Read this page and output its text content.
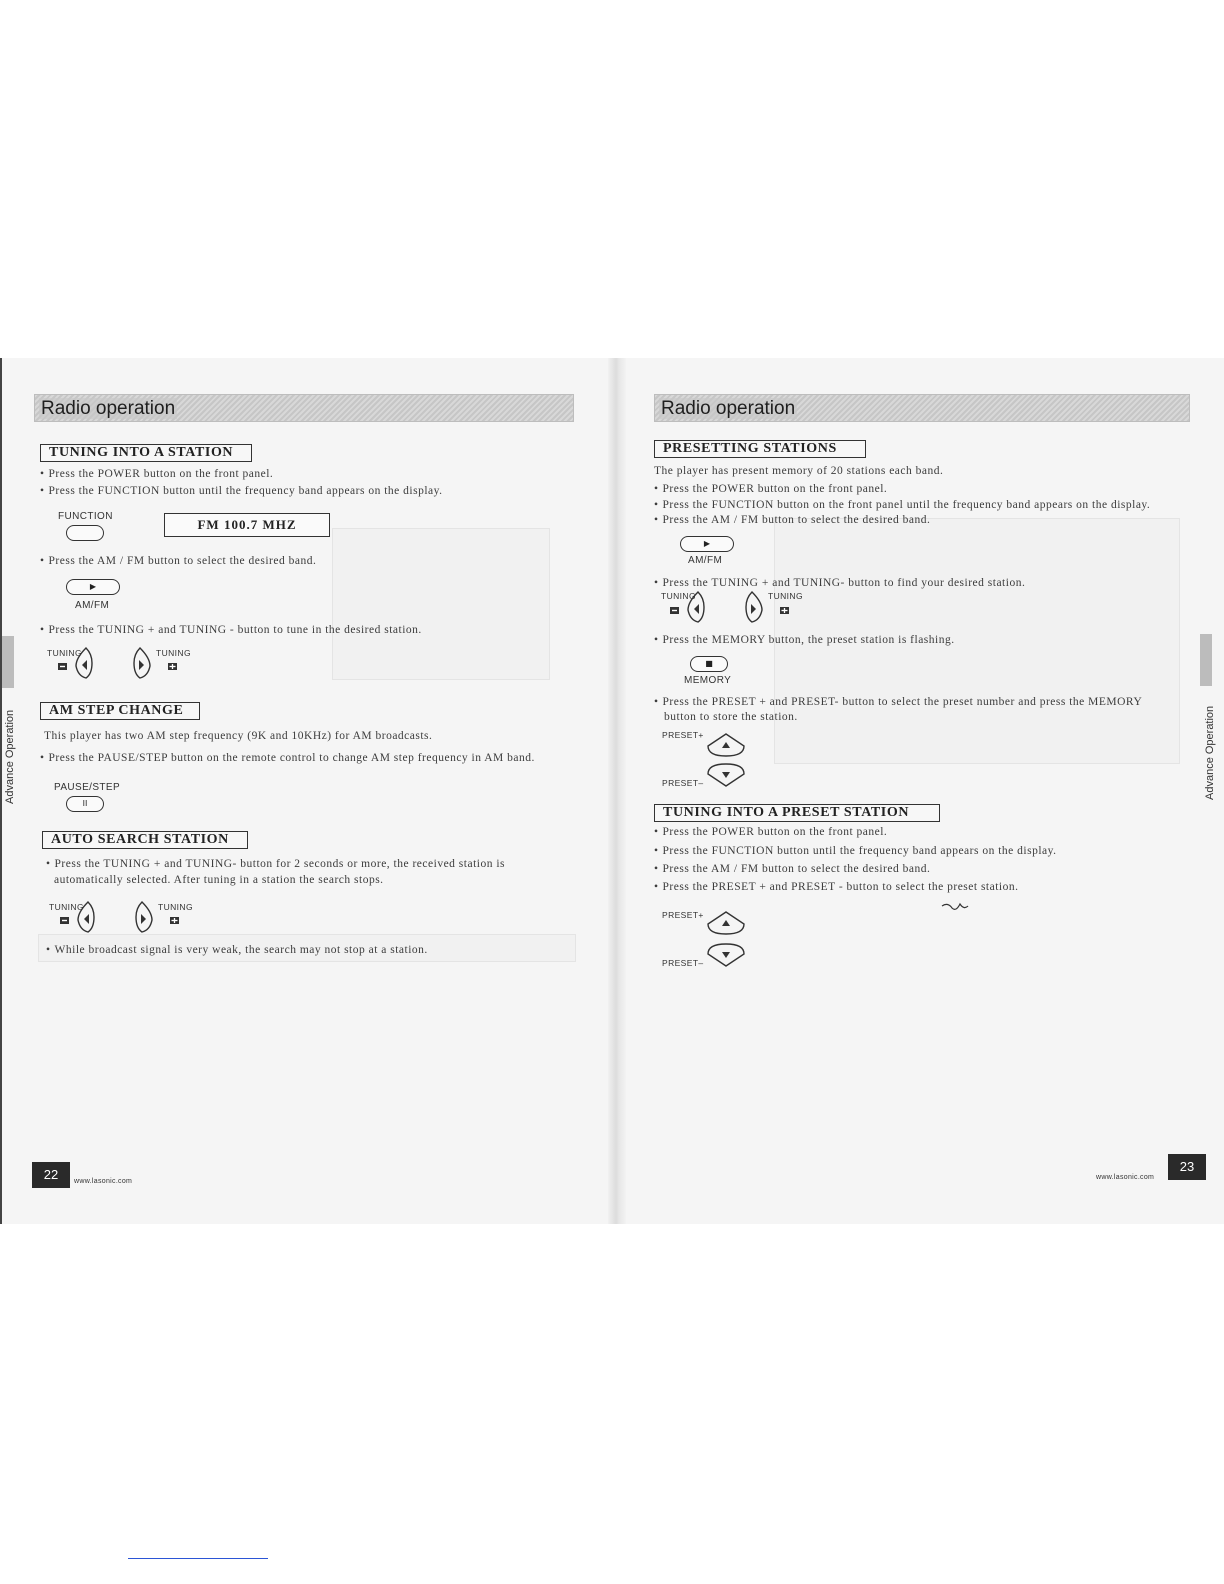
Radio operation
TUNING INTO A STATION
• Press the POWER button on the front panel.
• Press the FUNCTION button until the frequency band appears on the display.
FUNCTION
FM 100.7 MHZ
• Press the AM / FM button to select the desired band.
▶
AM/FM
• Press the TUNING + and TUNING - button to tune in the desired station.
TUNING	TUNING
AM STEP CHANGE
This player has two AM step frequency (9K and 10KHz) for AM broadcasts.
• Press the PAUSE/STEP button on the remote control to change AM step frequency in AM band.
PAUSE/STEP
II
AUTO SEARCH STATION
• Press the TUNING + and TUNING- button for 2 seconds or more, the received station is
automatically selected. After tuning in a station the search stops.
TUNING	TUNING
• While broadcast signal is very weak, the search may not stop at a station.
Advance Operation
22	www.lasonic.com
Radio operation
PRESETTING STATIONS
The player has present memory of 20 stations each band.
• Press the POWER button on the front panel.
• Press the FUNCTION button on the front panel until the frequency band appears on the display.
• Press the AM / FM button to select the desired band.
▶
AM/FM
• Press the TUNING + and TUNING- button to find your desired station.
TUNING	TUNING
• Press the MEMORY button, the preset station is flashing.
■
MEMORY
• Press the PRESET + and PRESET- button to select the preset number and press the MEMORY
button to store the station.
PRESET+
PRESET–
TUNING INTO A PRESET STATION
• Press the POWER button on the front panel.
• Press the FUNCTION button until the frequency band appears on the display.
• Press the AM / FM button to select the desired band.
• Press the PRESET + and PRESET - button to select the preset station.
PRESET+
PRESET–
Advance Operation
www.lasonic.com
23
